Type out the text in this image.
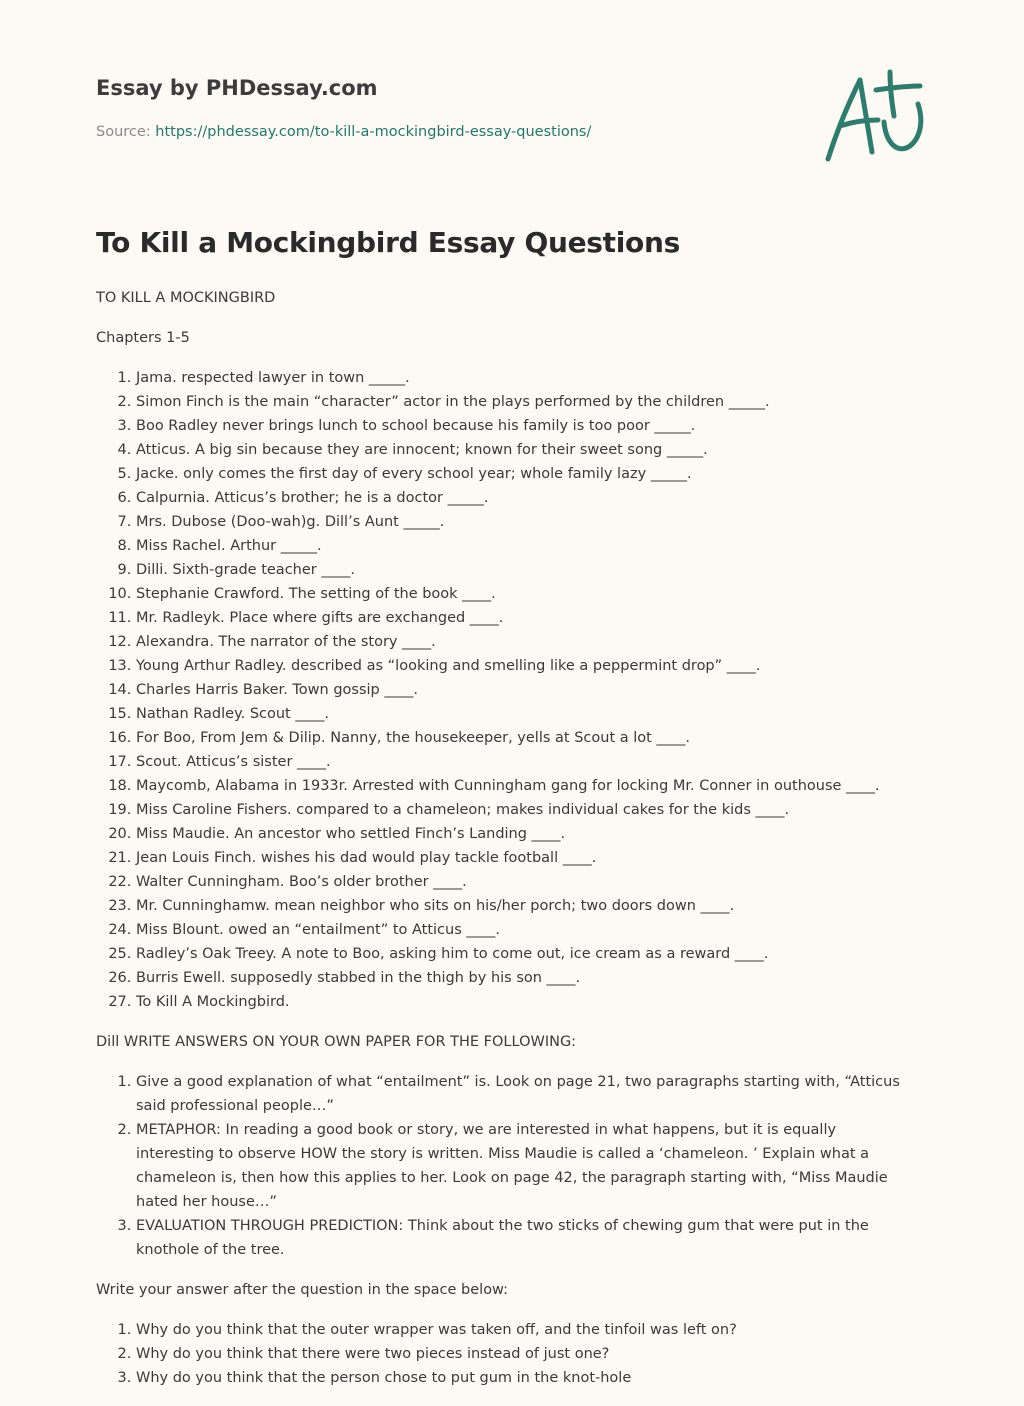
Essay by PHDessay.com
Source: https://phdessay.com/to-kill-a-mockingbird-essay-questions/
To Kill a Mockingbird Essay Questions

TO KILL A MOCKINGBIRD

Chapters 1-5

1. Jama. respected lawyer in town _____.
2. Simon Finch is the main “character” actor in the plays performed by the children _____.
3. Boo Radley never brings lunch to school because his family is too poor _____.
4. Atticus. A big sin because they are innocent; known for their sweet song _____.
5. Jacke. only comes the first day of every school year; whole family lazy _____.
6. Calpurnia. Atticus’s brother; he is a doctor _____.
7. Mrs. Dubose (Doo-wah)g. Dill’s Aunt _____.
8. Miss Rachel. Arthur _____.
9. Dilli. Sixth-grade teacher ____.
10. Stephanie Crawford. The setting of the book ____.
11. Mr. Radleyk. Place where gifts are exchanged ____.
12. Alexandra. The narrator of the story ____.
13. Young Arthur Radley. described as “looking and smelling like a peppermint drop” ____.
14. Charles Harris Baker. Town gossip ____.
15. Nathan Radley. Scout ____.
16. For Boo, From Jem & Dilip. Nanny, the housekeeper, yells at Scout a lot ____.
17. Scout. Atticus’s sister ____.
18. Maycomb, Alabama in 1933r. Arrested with Cunningham gang for locking Mr. Conner in outhouse ____.
19. Miss Caroline Fishers. compared to a chameleon; makes individual cakes for the kids ____.
20. Miss Maudie. An ancestor who settled Finch’s Landing ____.
21. Jean Louis Finch. wishes his dad would play tackle football ____.
22. Walter Cunningham. Boo’s older brother ____.
23. Mr. Cunninghamw. mean neighbor who sits on his/her porch; two doors down ____.
24. Miss Blount. owed an “entailment” to Atticus ____.
25. Radley’s Oak Treey. A note to Boo, asking him to come out, ice cream as a reward ____.
26. Burris Ewell. supposedly stabbed in the thigh by his son ____.
27. To Kill A Mockingbird.

Dill WRITE ANSWERS ON YOUR OWN PAPER FOR THE FOLLOWING:

1. Give a good explanation of what “entailment” is. Look on page 21, two paragraphs starting with, “Atticus said professional people…”
2. METAPHOR: In reading a good book or story, we are interested in what happens, but it is equally interesting to observe HOW the story is written. Miss Maudie is called a ‘chameleon. ’ Explain what a chameleon is, then how this applies to her. Look on page 42, the paragraph starting with, “Miss Maudie hated her house…”
3. EVALUATION THROUGH PREDICTION: Think about the two sticks of chewing gum that were put in the knothole of the tree.

Write your answer after the question in the space below:

1. Why do you think that the outer wrapper was taken off, and the tinfoil was left on?
2. Why do you think that there were two pieces instead of just one?
3. Why do you think that the person chose to put gum in the knot-hole
